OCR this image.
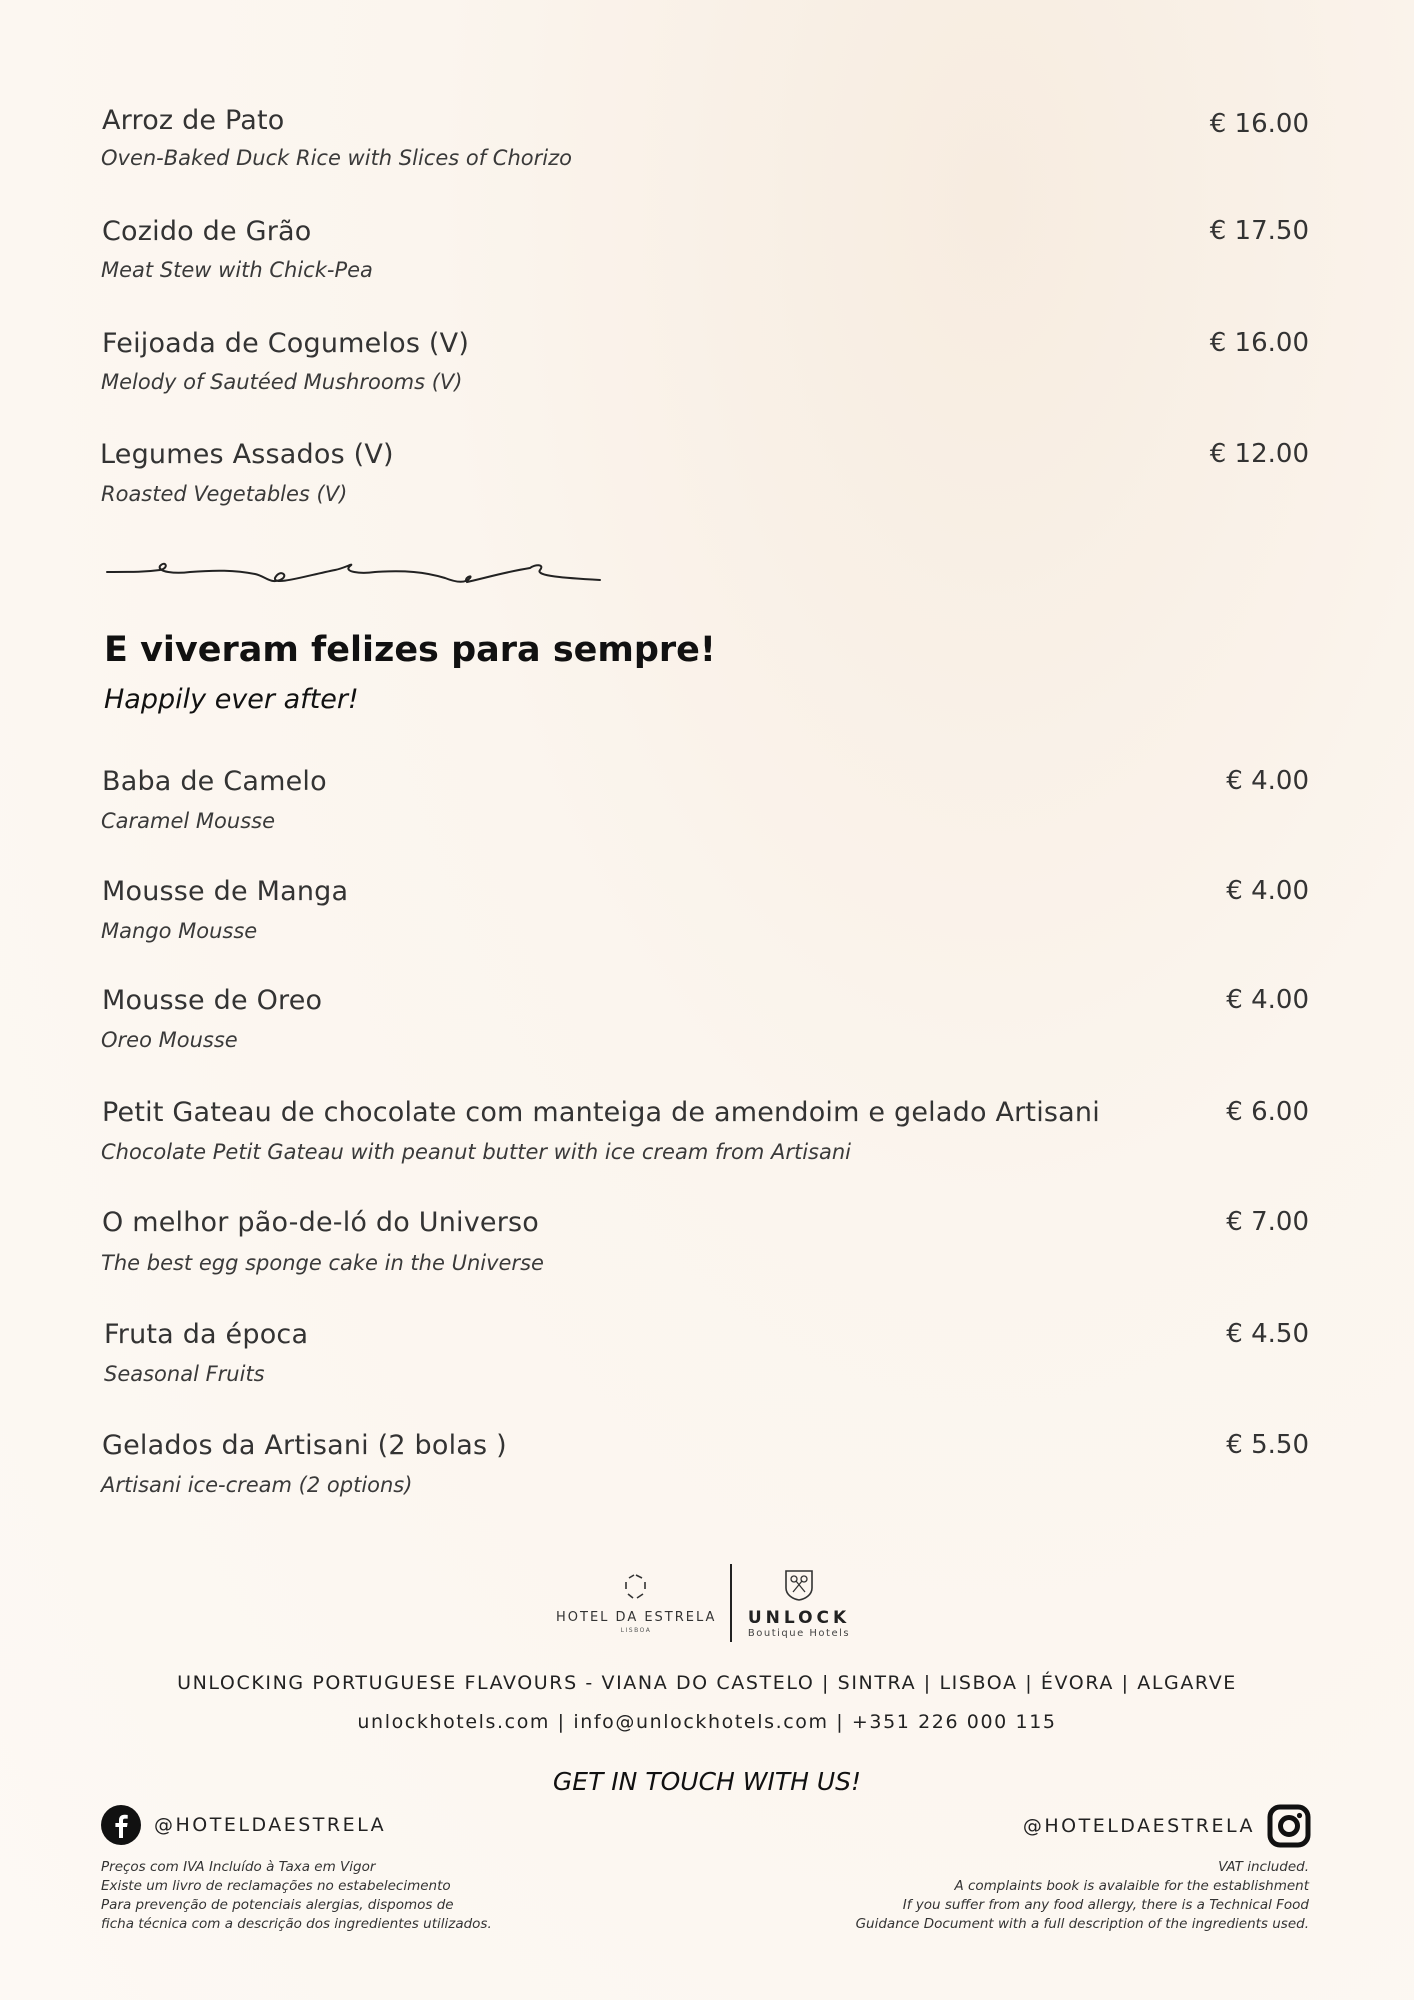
Arroz de Pato
Oven-Baked Duck Rice with Slices of Chorizo
€ 16.00
Cozido de Grão
Meat Stew with Chick-Pea
€ 17.50
Feijoada de Cogumelos (V)
Melody of Sautéed Mushrooms (V)
€ 16.00
Legumes Assados (V)
Roasted Vegetables (V)
€ 12.00
E viveram felizes para sempre!
Happily ever after!
Baba de Camelo
Caramel Mousse
€ 4.00
Mousse de Manga
Mango Mousse
€ 4.00
Mousse de Oreo
Oreo Mousse
€ 4.00
Petit Gateau de chocolate com manteiga de amendoim e gelado Artisani
Chocolate Petit Gateau with peanut butter with ice cream from Artisani
€ 6.00
O melhor pão-de-ló do Universo
The best egg sponge cake in the Universe
€ 7.00
Fruta da época
Seasonal Fruits
€ 4.50
Gelados da Artisani (2 bolas )
Artisani ice-cream (2 options)
€ 5.50
HOTEL DA ESTRELA
LISBOA
UNLOCK
Boutique Hotels
UNLOCKING PORTUGUESE FLAVOURS - VIANA DO CASTELO | SINTRA | LISBOA | ÉVORA | ALGARVE
unlockhotels.com | info@unlockhotels.com | +351 226 000 115
GET IN TOUCH WITH US!
@HOTELDAESTRELA	@HOTELDAESTRELA
Preços com IVA Incluído à Taxa em Vigor
Existe um livro de reclamações no estabelecimento
Para prevenção de potenciais alergias, dispomos de
ficha técnica com a descrição dos ingredientes utilizados.
VAT included.
A complaints book is avalaible for the establishment
If you suffer from any food allergy, there is a Technical Food
Guidance Document with a full description of the ingredients used.
